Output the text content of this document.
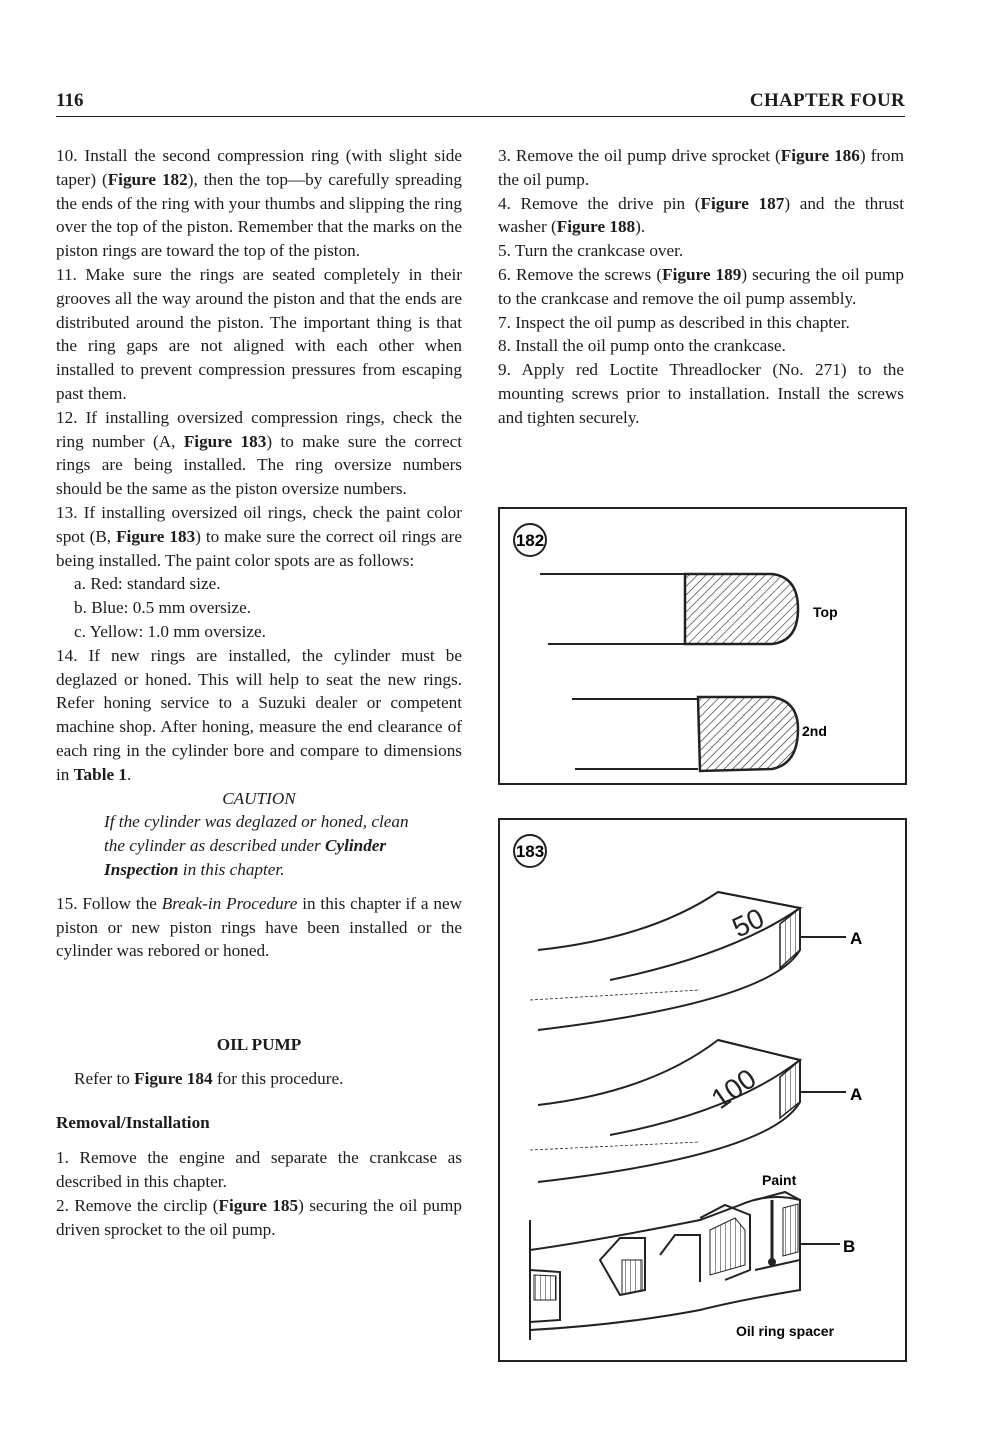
116	CHAPTER FOUR

10. Install the second compression ring (with slight side taper) (Figure 182), then the top—by carefully spreading the ends of the ring with your thumbs and slipping the ring over the top of the piston. Remember that the marks on the piston rings are toward the top of the piston.

11. Make sure the rings are seated completely in their grooves all the way around the piston and that the ends are distributed around the piston. The important thing is that the ring gaps are not aligned with each other when installed to prevent compression pressures from escaping past them.

12. If installing oversized compression rings, check the ring number (A, Figure 183) to make sure the correct rings are being installed. The ring oversize numbers should be the same as the piston oversize numbers.

13. If installing oversized oil rings, check the paint color spot (B, Figure 183) to make sure the correct oil rings are being installed. The paint color spots are as follows:

a. Red: standard size.

b. Blue: 0.5 mm oversize.

c. Yellow: 1.0 mm oversize.

14. If new rings are installed, the cylinder must be deglazed or honed. This will help to seat the new rings. Refer honing service to a Suzuki dealer or competent machine shop. After honing, measure the end clearance of each ring in the cylinder bore and compare to dimensions in Table 1.

CAUTION

If the cylinder was deglazed or honed, clean the cylinder as described under Cylinder Inspection in this chapter.

15. Follow the Break-in Procedure in this chapter if a new piston or new piston rings have been installed or the cylinder was rebored or honed.

OIL PUMP

Refer to Figure 184 for this procedure.

Removal/Installation

1. Remove the engine and separate the crankcase as described in this chapter.

2. Remove the circlip (Figure 185) securing the oil pump driven sprocket to the oil pump.

3. Remove the oil pump drive sprocket (Figure 186) from the oil pump.

4. Remove the drive pin (Figure 187) and the thrust washer (Figure 188).

5. Turn the crankcase over.

6. Remove the screws (Figure 189) securing the oil pump to the crankcase and remove the oil pump assembly.

7. Inspect the oil pump as described in this chapter.

8. Install the oil pump onto the crankcase.

9. Apply red Loctite Threadlocker (No. 271) to the mounting screws prior to installation. Install the screws and tighten securely.

182
Top
2nd
183
50	A
100	A
Paint
B
Oil ring spacer
